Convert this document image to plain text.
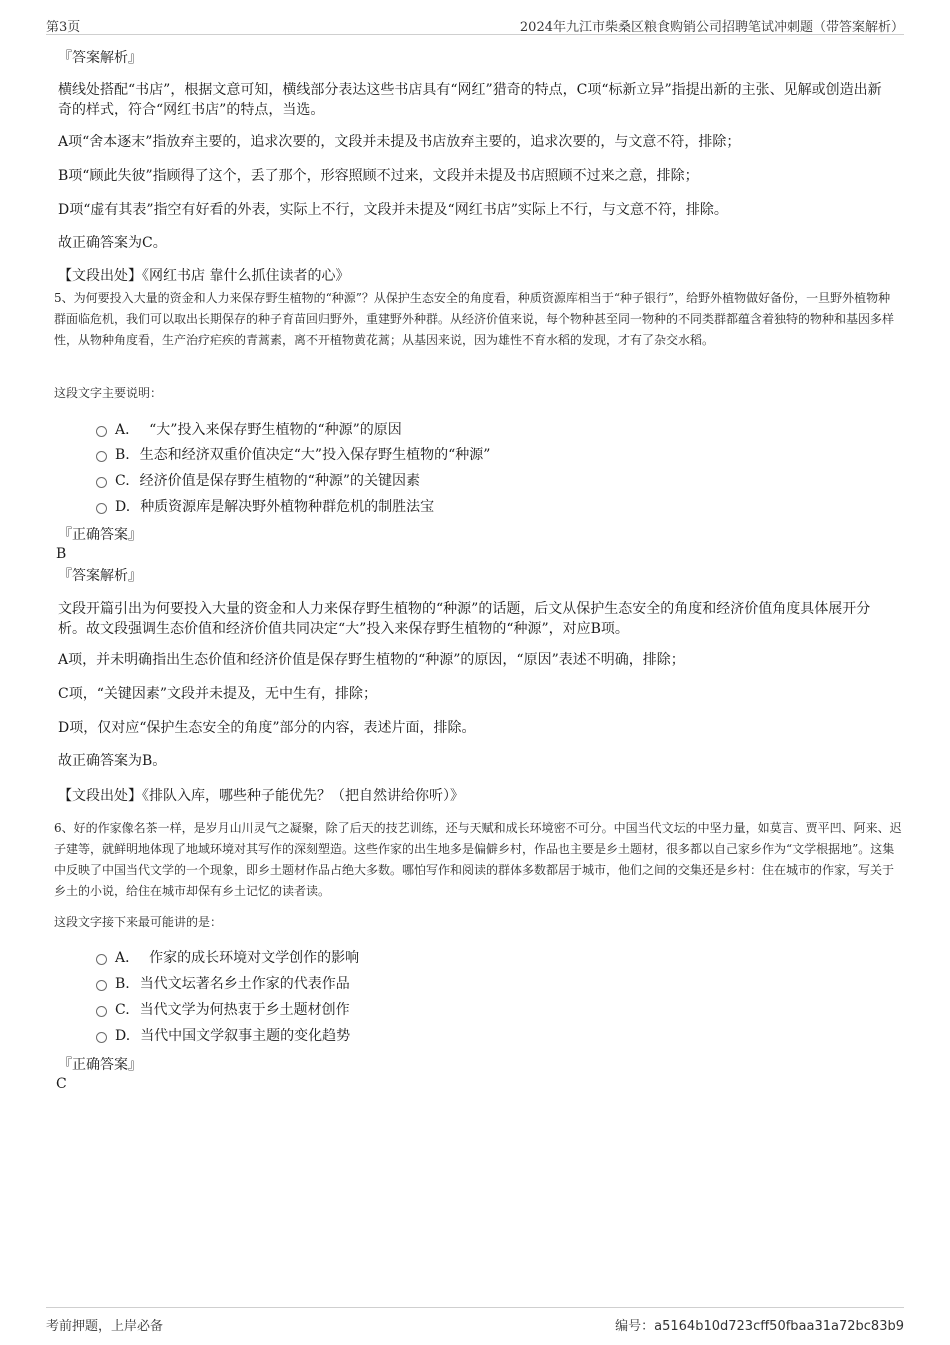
第3页	2024年九江市柴桑区粮食购销公司招聘笔试冲刺题（带答案解析）
『答案解析』
横线处搭配“书店”，根据文意可知，横线部分表达这些书店具有“网红”猎奇的特点，C项“标新立异”指提出新的主张、见解或创造出新奇的样式，符合“网红书店”的特点，当选。
A项“舍本逐末”指放弃主要的，追求次要的，文段并未提及书店放弃主要的，追求次要的，与文意不符，排除；
B项“顾此失彼”指顾得了这个，丢了那个，形容照顾不过来，文段并未提及书店照顾不过来之意，排除；
D项“虚有其表”指空有好看的外表，实际上不行，文段并未提及“网红书店”实际上不行，与文意不符，排除。
故正确答案为C。
【文段出处】《网红书店 靠什么抓住读者的心》
5、为何要投入大量的资金和人力来保存野生植物的“种源”？从保护生态安全的角度看，种质资源库相当于“种子银行”，给野外植物做好备份，一旦野外植物种群面临危机，我们可以取出长期保存的种子育苗回归野外，重建野外种群。从经济价值来说，每个物种甚至同一物种的不同类群都蕴含着独特的物种和基因多样性，从物种角度看，生产治疗疟疾的青蒿素，离不开植物黄花蒿；从基因来说，因为雄性不育水稻的发现，才有了杂交水稻。
这段文字主要说明：
A． “大”投入来保存野生植物的“种源”的原因
B. 生态和经济双重价值决定“大”投入保存野生植物的“种源”
C. 经济价值是保存野生植物的“种源”的关键因素
D. 种质资源库是解决野外植物种群危机的制胜法宝
『正确答案』
B
『答案解析』
文段开篇引出为何要投入大量的资金和人力来保存野生植物的“种源”的话题，后文从保护生态安全的角度和经济价值角度具体展开分析。故文段强调生态价值和经济价值共同决定“大”投入来保存野生植物的“种源”，对应B项。
A项，并未明确指出生态价值和经济价值是保存野生植物的“种源”的原因，“原因”表述不明确，排除；
C项，“关键因素”文段并未提及，无中生有，排除；
D项，仅对应“保护生态安全的角度”部分的内容，表述片面，排除。
故正确答案为B。
【文段出处】《排队入库，哪些种子能优先？（把自然讲给你听）》
6、好的作家像名茶一样，是岁月山川灵气之凝聚，除了后天的技艺训练，还与天赋和成长环境密不可分。中国当代文坛的中坚力量，如莫言、贾平凹、阿来、迟子建等，就鲜明地体现了地域环境对其写作的深刻塑造。这些作家的出生地多是偏僻乡村，作品也主要是乡土题材，很多都以自己家乡作为“文学根据地”。这集中反映了中国当代文学的一个现象，即乡土题材作品占绝大多数。哪怕写作和阅读的群体多数都居于城市，他们之间的交集还是乡村：住在城市的作家，写关于乡土的小说，给住在城市却保有乡土记忆的读者读。
这段文字接下来最可能讲的是：
A． 作家的成长环境对文学创作的影响
B. 当代文坛著名乡土作家的代表作品
C. 当代文学为何热衷于乡土题材创作
D. 当代中国文学叙事主题的变化趋势
『正确答案』
C
考前押题，上岸必备	编号：a5164b10d723cff50fbaa31a72bc83b9
